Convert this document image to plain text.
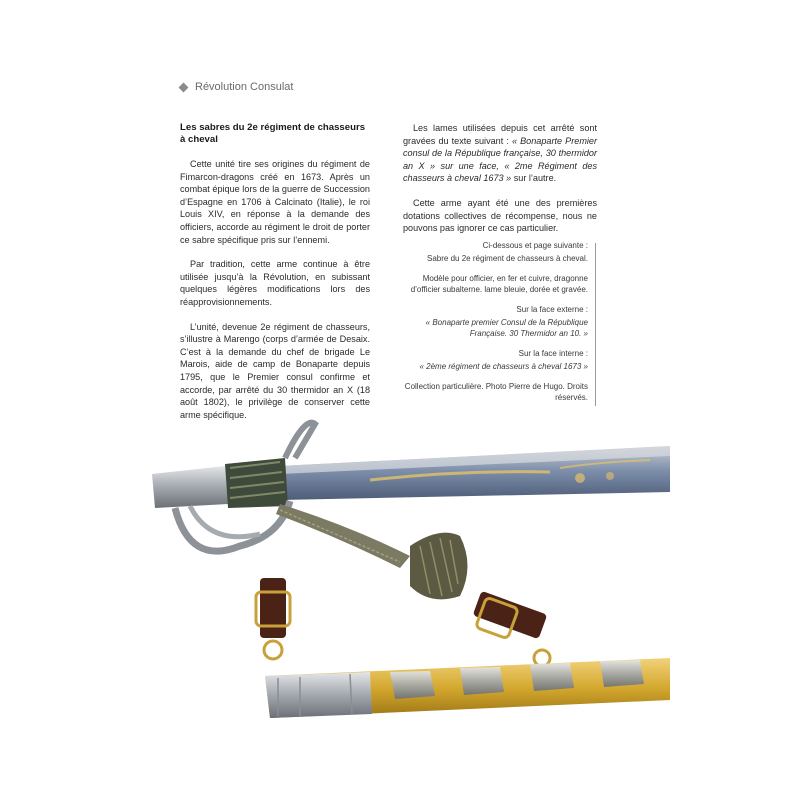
Révolution Consulat
Les sabres du 2e régiment de chasseurs à cheval

Cette unité tire ses origines du régiment de Fimarcon-dragons créé en 1673. Après un combat épique lors de la guerre de Succession d’Espagne en 1706 à Calcinato (Italie), le roi Louis XIV, en réponse à la demande des officiers, accorde au régiment le droit de porter ce sabre spécifique pris sur l’ennemi.

Par tradition, cette arme continue à être utilisée jusqu’à la Révolution, en subissant quelques légères modifications lors des réapprovisionnements.

L’unité, devenue 2e régiment de chasseurs, s’illustre à Marengo (corps d’armée de Desaix. C’est à la demande du chef de brigade Le Marois, aide de camp de Bonaparte depuis 1795, que le Premier consul confirme et accorde, par arrêté du 30 thermidor an X (18 août 1802), le privilège de conserver cette arme spécifique.

Les lames utilisées depuis cet arrêté sont gravées du texte suivant : « Bonaparte Premier consul de la République française, 30 thermidor an X » sur une face, « 2me Régiment des chasseurs à cheval 1673 » sur l’autre.

Cette arme ayant été une des premières dotations collectives de récompense, nous ne pouvons pas ignorer ce cas particulier.

Ci-dessous et page suivante :

Sabre du 2e régiment de chasseurs à cheval.

Modèle pour officier, en fer et cuivre, dragonne d’officier subalterne. lame bleuie, dorée et gravée.

Sur la face externe :

« Bonaparte premier Consul de la République Française. 30 Thermidor an 10. »

Sur la face interne :

« 2ème régiment de chasseurs à cheval 1673 »

Collection particulière. Photo Pierre de Hugo. Droits réservés.
